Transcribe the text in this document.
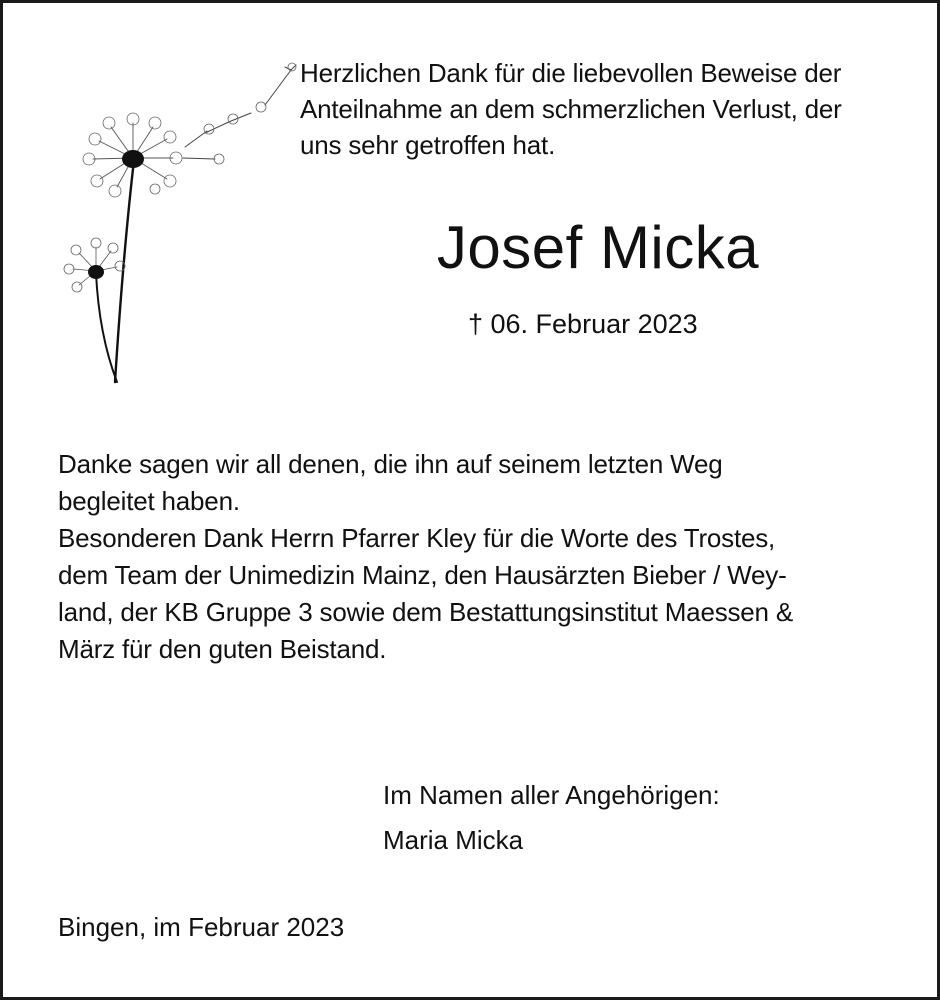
Herzlichen Dank für die liebevollen Beweise der
Anteilnahme an dem schmerzlichen Verlust, der
uns sehr getroffen hat.
Josef Micka
† 06. Februar 2023
Danke sagen wir all denen, die ihn auf seinem letzten Weg
begleitet haben.
Besonderen Dank Herrn Pfarrer Kley für die Worte des Trostes,
dem Team der Unimedizin Mainz, den Hausärzten Bieber / Wey-
land, der KB Gruppe 3 sowie dem Bestattungsinstitut Maessen &
März für den guten Beistand.
Im Namen aller Angehörigen:
Maria Micka
Bingen, im Februar 2023
